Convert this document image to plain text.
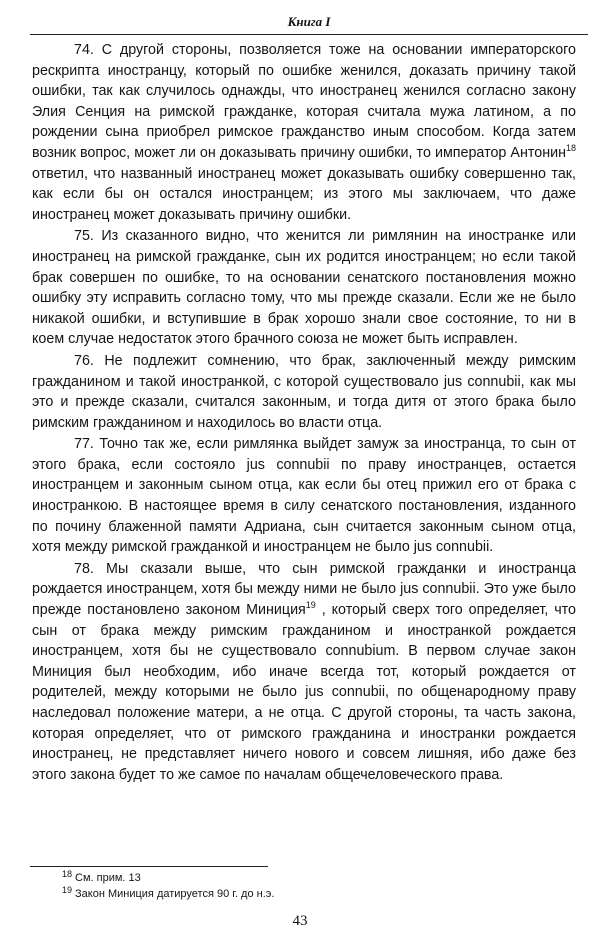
Книга I

74. С другой стороны, позволяется тоже на основании императорского рескрипта иностранцу, который по ошибке женился, доказать причину такой ошибки, так как случилось однажды, что иностранец женился согласно закону Элия Сенция на римской гражданке, которая считала мужа латином, а по рождении сына приобрел римское гражданство иным способом. Когда затем возник вопрос, может ли он доказывать причину ошибки, то император Антонин$^{18}$ ответил, что названный иностранец может доказывать ошибку совершенно так, как если бы он остался иностранцем; из этого мы заключаем, что даже иностранец может доказывать причину ошибки.

75. Из сказанного видно, что женится ли римлянин на иностранке или иностранец на римской гражданке, сын их родится иностранцем; но если такой брак совершен по ошибке, то на основании сенатского постановления можно ошибку эту исправить согласно тому, что мы прежде сказали. Если же не было никакой ошибки, и вступившие в брак хорошо знали свое состояние, то ни в коем случае недостаток этого брачного союза не может быть исправлен.

76. Не подлежит сомнению, что брак, заключенный между римским гражданином и такой иностранкой, с которой существовало jus connubii, как мы это и прежде сказали, считался законным, и тогда дитя от этого брака было римским гражданином и находилось во власти отца.

77. Точно так же, если римлянка выйдет замуж за иностранца, то сын от этого брака, если состояло jus connubii по праву иностранцев, остается иностранцем и законным сыном отца, как если бы отец прижил его от брака с иностранкою. В настоящее время в силу сенатского постановления, изданного по почину блаженной памяти Адриана, сын считается законным сыном отца, хотя между римской гражданкой и иностранцем не было jus connubii.

78. Мы сказали выше, что сын римской гражданки и иностранца рождается иностранцем, хотя бы между ними не было jus connubii. Это уже было прежде постановлено законом Миниция$^{19}$ , который сверх того определяет, что сын от брака между римским гражданином и иностранкой рождается иностранцем, хотя бы не существовало connubium. В первом случае закон Миниция был необходим, ибо иначе всегда тот, который рождается от родителей, между которыми не было jus connubii, по общенародному праву наследовал положение матери, а не отца. С другой стороны, та часть закона, которая определяет, что от римского гражданина и иностранки рождается иностранец, не представляет ничего нового и совсем лишняя, ибо даже без этого закона будет то же самое по началам общечеловеческого права.

$^{18}$ См. прим. 13
$^{19}$ Закон Миниция датируется 90 г. до н.э.
43
